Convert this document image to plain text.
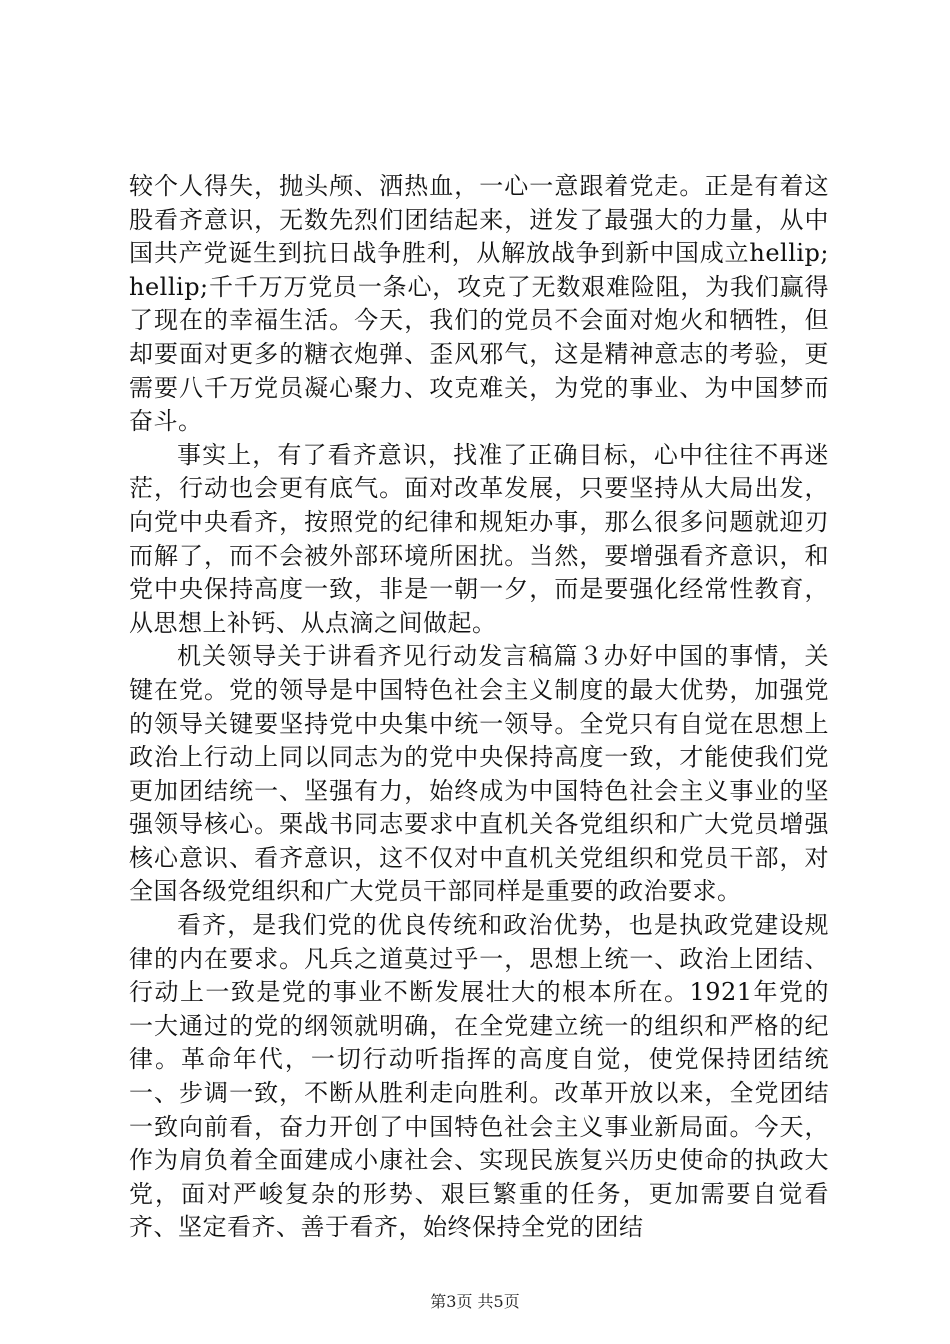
较个人得失，抛头颅、洒热血，一心一意跟着党走。正是有着这股看齐意识，无数先烈们团结起来，迸发了最强大的力量，从中国共产党诞生到抗日战争胜利，从解放战争到新中国成立hellip;hellip;千千万万党员一条心，攻克了无数艰难险阻，为我们赢得了现在的幸福生活。今天，我们的党员不会面对炮火和牺牲，但却要面对更多的糖衣炮弹、歪风邪气，这是精神意志的考验，更需要八千万党员凝心聚力、攻克难关，为党的事业、为中国梦而奋斗。

事实上，有了看齐意识，找准了正确目标，心中往往不再迷茫，行动也会更有底气。面对改革发展，只要坚持从大局出发，向党中央看齐，按照党的纪律和规矩办事，那么很多问题就迎刃而解了，而不会被外部环境所困扰。当然，要增强看齐意识，和党中央保持高度一致，非是一朝一夕，而是要强化经常性教育，从思想上补钙、从点滴之间做起。

机关领导关于讲看齐见行动发言稿篇３办好中国的事情，关键在党。党的领导是中国特色社会主义制度的最大优势，加强党的领导关键要坚持党中央集中统一领导。全党只有自觉在思想上政治上行动上同以同志为的党中央保持高度一致，才能使我们党更加团结统一、坚强有力，始终成为中国特色社会主义事业的坚强领导核心。栗战书同志要求中直机关各党组织和广大党员增强核心意识、看齐意识，这不仅对中直机关党组织和党员干部，对全国各级党组织和广大党员干部同样是重要的政治要求。

看齐，是我们党的优良传统和政治优势，也是执政党建设规律的内在要求。凡兵之道莫过乎一，思想上统一、政治上团结、行动上一致是党的事业不断发展壮大的根本所在。1921年党的一大通过的党的纲领就明确，在全党建立统一的组织和严格的纪律。革命年代，一切行动听指挥的高度自觉，使党保持团结统一、步调一致，不断从胜利走向胜利。改革开放以来，全党团结一致向前看，奋力开创了中国特色社会主义事业新局面。今天，作为肩负着全面建成小康社会、实现民族复兴历史使命的执政大党，面对严峻复杂的形势、艰巨繁重的任务，更加需要自觉看齐、坚定看齐、善于看齐，始终保持全党的团结

第3页 共5页
